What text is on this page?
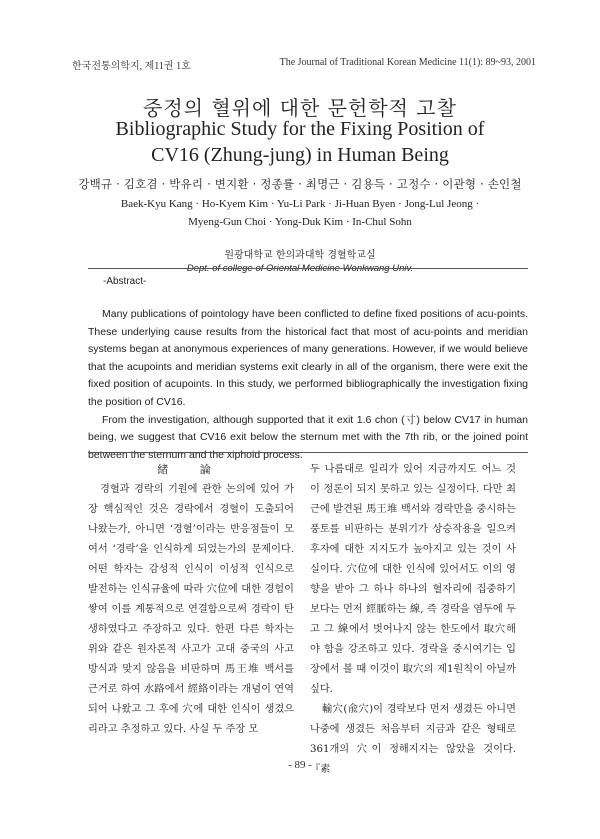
한국전통의학지, 제11권 1호	The Journal of Traditional Korean Medicine 11(1): 89~93, 2001
중정의 혈위에 대한 문헌학적 고찰
Bibliographic Study for the Fixing Position of
CV16 (Zhung-jung) in Human Being
강백규 · 김호겸 · 박유리 · 변지환 · 정종률 · 최명근 · 김용득 · 고정수 · 이관형 · 손인철
Baek-Kyu Kang · Ho-Kyem Kim · Yu-Li Park · Ji-Huan Byen · Jong-Lul Jeong ·
Myeng-Gun Choi · Yong-Duk Kim · In-Chul Sohn
원광대학교 한의과대학 경혈학교실
Dept. of college of Oriental Medicine Wonkwang Univ.
-Abstract-

Many publications of pointology have been conflicted to define fixed positions of acu-points. These underlying cause results from the historical fact that most of acu-points and meridian systems began at anonymous experiences of many generations. However, if we would believe that the acupoints and meridian systems exit clearly in all of the organism, there were exit the fixed position of acupoints. In this study, we performed bibliographically the investigation fixing the position of CV16.

From the investigation, although supported that it exit 1.6 chon (寸) below CV17 in human being, we suggest that CV16 exit below the sternum met with the 7th rib, or the joined point between the sternum and the xiphoid process.

緒 論

경혈과 경락의 기원에 관한 논의에 있어 가장 핵심적인 것은 경락에서 경혈이 도출되어 나왔는가, 아니면 ‘경혈’이라는 반응점들이 모여서 ‘경락’을 인식하게 되었는가의 문제이다. 어떤 학자는 감성적 인식이 이성적 인식으로 발전하는 인식규율에 따라 穴位에 대한 경험이 쌓여 이를 계통적으로 연결함으로써 경락이 탄생하였다고 주장하고 있다. 한편 다른 학자는 위와 같은 원자론적 사고가 고대 중국의 사고방식과 맞지 않음을 비판하며 馬王堆 백서를 근거로 하여 水路에서 經絡이라는 개념이 연역되어 나왔고 그 후에 穴에 대한 인식이 생겼으리라고 추정하고 있다. 사실 두 주장 모

두 나름대로 일리가 있어 지금까지도 어느 것이 정론이 되지 못하고 있는 실정이다. 다만 최근에 발견된 馬王堆 백서와 경락만을 중시하는 풍토를 비판하는 분위기가 상승작용을 일으켜 후자에 대한 지지도가 높아지고 있는 것이 사실이다. 穴位에 대한 인식에 있어서도 이의 영향을 받아 그 하나 하나의 혈자리에 집중하기보다는 먼저 經脈하는 線, 즉 경락을 염두에 두고 그 線에서 벗어나지 않는 한도에서 取穴해야 함을 강조하고 있다. 경락을 중시여기는 입장에서 볼 때 이것이 取穴의 제1원칙이 아닐까 싶다.

輸穴(兪穴)이 경락보다 먼저 생겼든 아니면 나중에 생겼든 처음부터 지금과 같은 형태로 361개의 穴이 정해지지는 않았을 것이다. 『素

- 89 -
